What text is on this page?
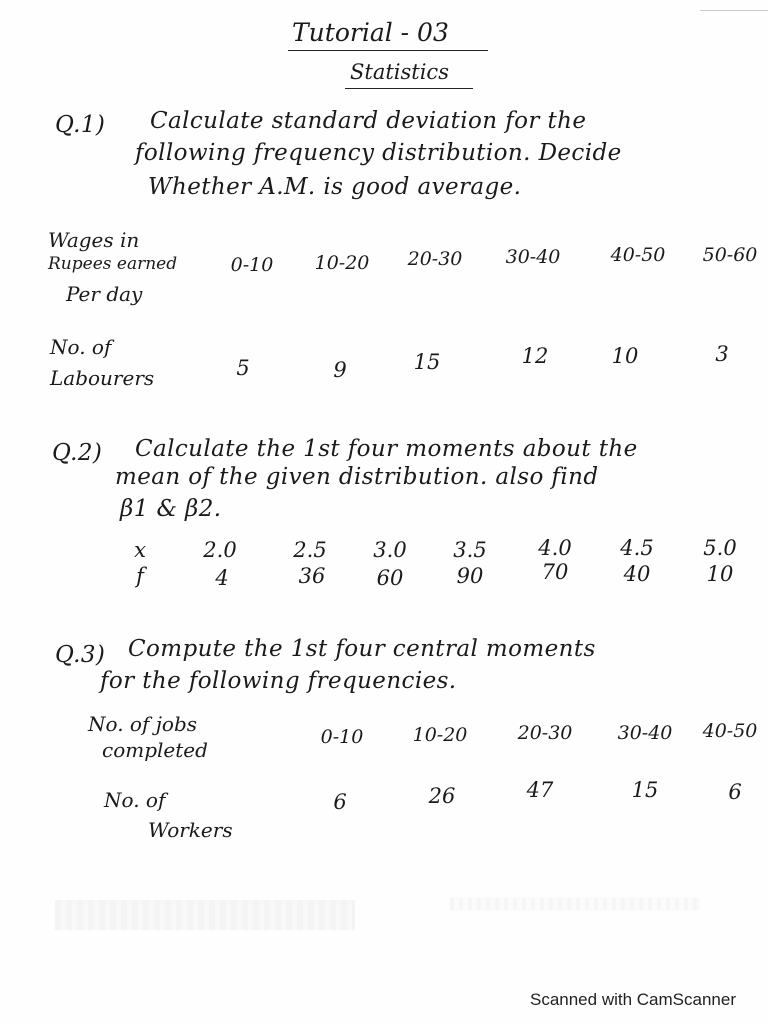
Tutorial - 03
Statistics
Q.1) Calculate standard deviation for the
following frequency distribution. Decide
Whether A.M. is good average.
Wages in
Rupees earned
Per day
0-10	10-20	20-30	30-40	40-50	50-60
No. of
Labourers	5	9	15	12	10	3
Q.2) Calculate the 1st four moments about the
mean of the given distribution. also find
β1 & β2.
x	2.0	2.5	3.0	3.5	4.0	4.5	5.0
f	4	36	60	90	70	40	10
Q.3) Compute the 1st four central moments
for the following frequencies.
No. of jobs
completed
0-10	10-20	20-30	30-40	40-50
No. of
Workers
6	26	47	15	6
Scanned with CamScanner
